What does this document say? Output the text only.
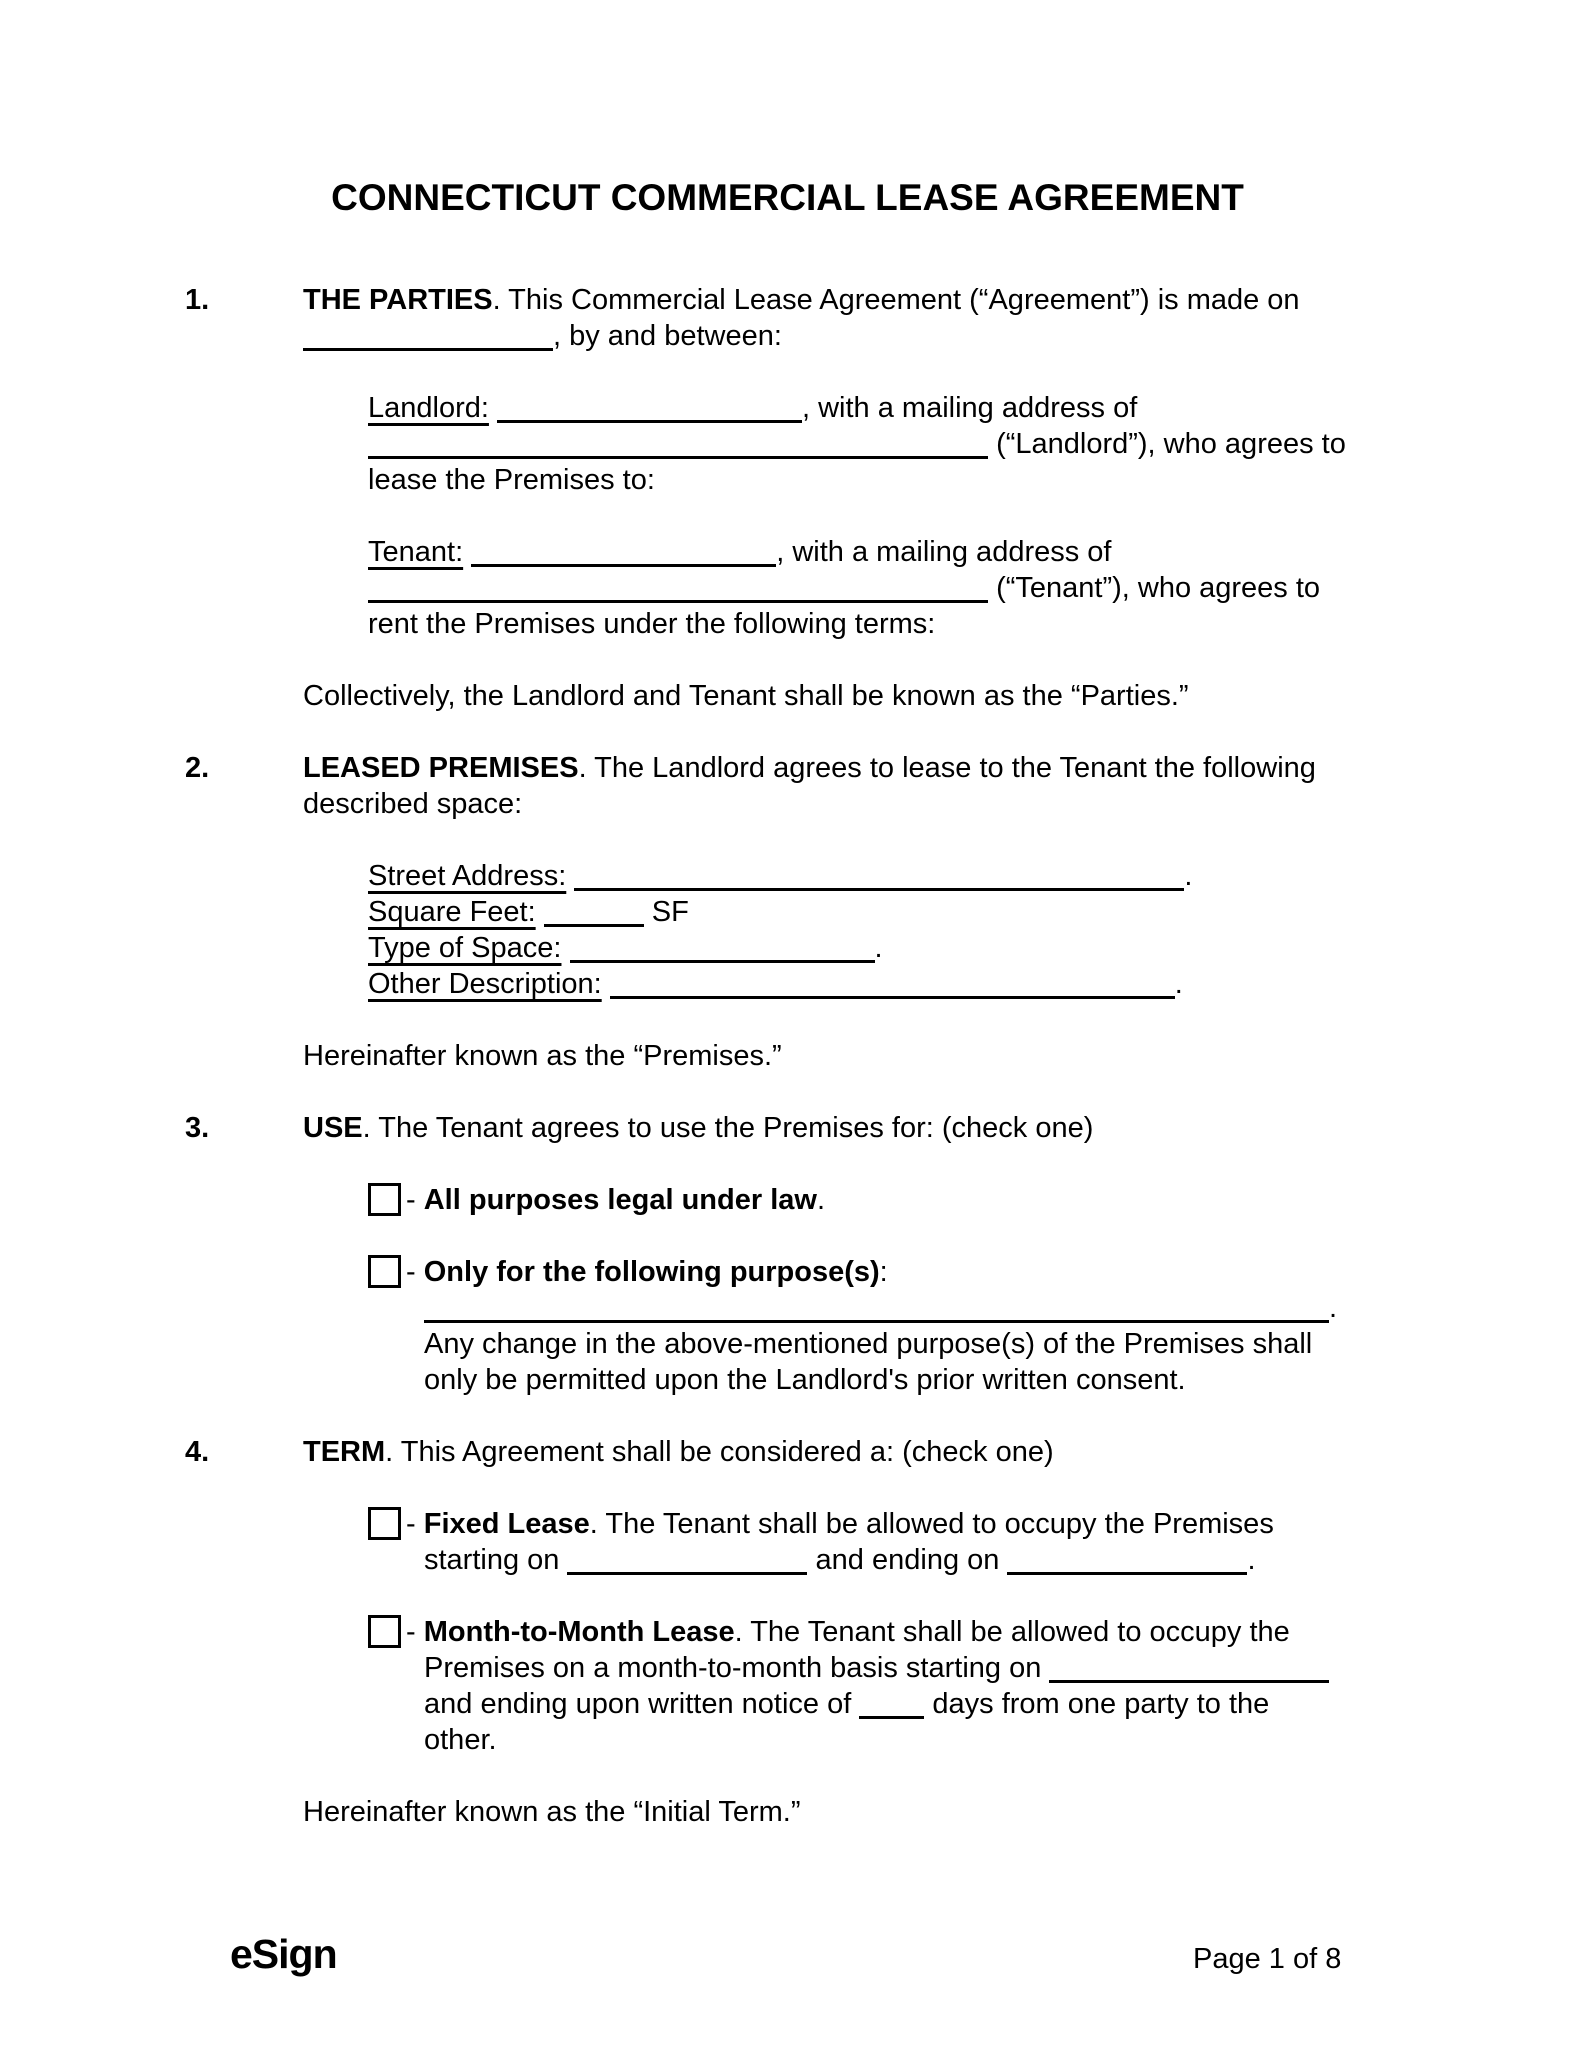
CONNECTICUT COMMERCIAL LEASE AGREEMENT
1.	THE PARTIES. This Commercial Lease Agreement (“Agreement”) is made on
, by and between:
Landlord:	, with a mailing address of
(“Landlord”), who agrees to
lease the Premises to:
Tenant:	, with a mailing address of
(“Tenant”), who agrees to
rent the Premises under the following terms:
Collectively, the Landlord and Tenant shall be known as the “Parties.”
2.	LEASED PREMISES. The Landlord agrees to lease to the Tenant the following
described space:
Street Address:	.
Square Feet:	SF
Type of Space:	.
Other Description:	.
Hereinafter known as the “Premises.”
3.	USE. The Tenant agrees to use the Premises for: (check one)
- All purposes legal under law.
- Only for the following purpose(s):
.
Any change in the above-mentioned purpose(s) of the Premises shall
only be permitted upon the Landlord's prior written consent.
4.	TERM. This Agreement shall be considered a: (check one)
- Fixed Lease. The Tenant shall be allowed to occupy the Premises
starting on	and ending on	.
- Month-to-Month Lease. The Tenant shall be allowed to occupy the
Premises on a month-to-month basis starting on
and ending upon written notice of	days from one party to the
other.
Hereinafter known as the “Initial Term.”
eSign	Page 1 of 8
